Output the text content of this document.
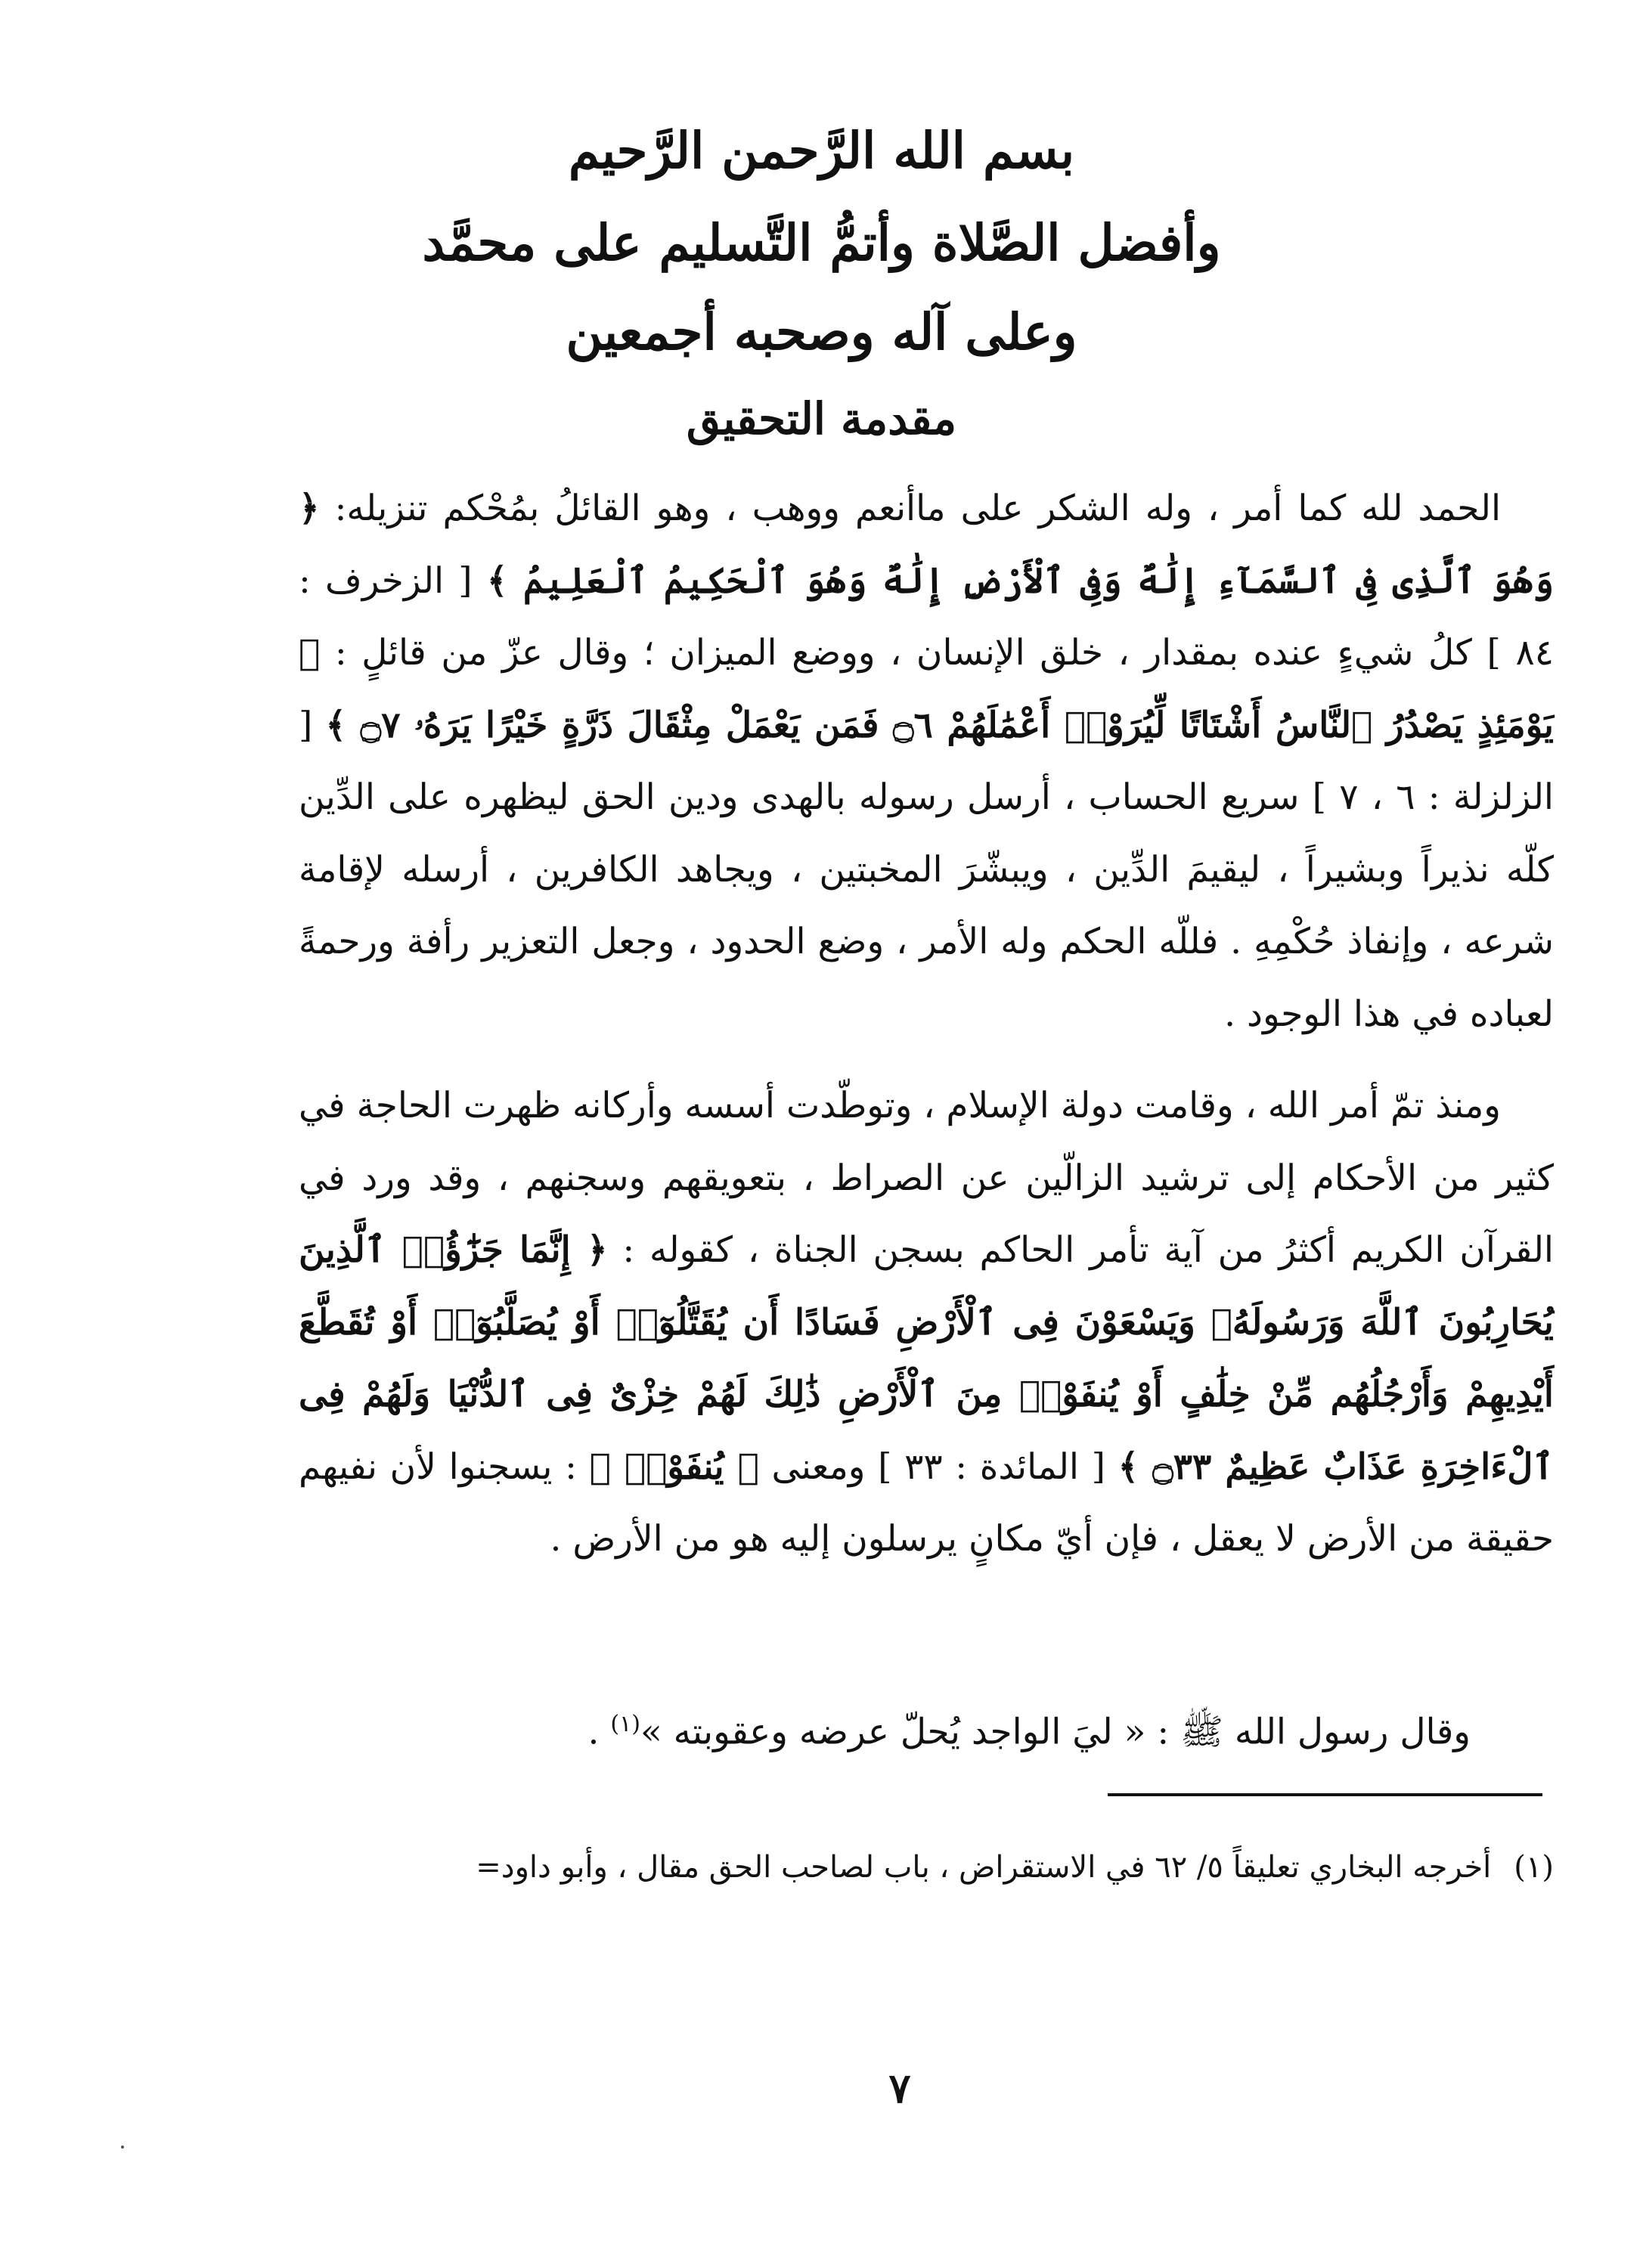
بسم الله الرَّحمن الرَّحيم
وأفضل الصَّلاة وأتمُّ التَّسليم على محمَّد
وعلى آله وصحبه أجمعين
مقدمة التحقيق

الحمد لله كما أمر ، وله الشكر على ماأنعم ووهب ، وهو القائلُ بمُحْكم تنزيله: ﴿ وَهُوَ ٱلَّذِى فِى ٱلسَّمَآءِ إِلَٰهٌ وَفِى ٱلْأَرْضِ إِلَٰهٌ وَهُوَ ٱلْحَكِيمُ ٱلْعَلِيمُ ﴾ [ الزخرف : ٨٤ ] كلُ شيءٍ عنده بمقدار ، خلق الإنسان ، ووضع الميزان ؛ وقال عزّ من قائلٍ : ﴿ يَوْمَئِذٍ يَصْدُرُ ٱلنَّاسُ أَشْتَاتًا لِّيُرَوْا۟ أَعْمَٰلَهُمْ ۝٦ فَمَن يَعْمَلْ مِثْقَالَ ذَرَّةٍ خَيْرًا يَرَهُۥ ۝٧ ﴾ [ الزلزلة : ٦ ، ٧ ] سريع الحساب ، أرسل رسوله بالهدى ودين الحق ليظهره على الدِّين كلّه نذيراً وبشيراً ، ليقيمَ الدِّين ، ويبشّرَ المخبتين ، ويجاهد الكافرين ، أرسله لإقامة شرعه ، وإنفاذ حُكْمِهِ . فللّه الحكم وله الأمر ، وضع الحدود ، وجعل التعزير رأفة ورحمةً لعباده في هذا الوجود .

ومنذ تمّ أمر الله ، وقامت دولة الإسلام ، وتوطّدت أسسه وأركانه ظهرت الحاجة في كثير من الأحكام إلى ترشيد الزالّين عن الصراط ، بتعويقهم وسجنهم ، وقد ورد في القرآن الكريم أكثرُ من آية تأمر الحاكم بسجن الجناة ، كقوله : ﴿ إِنَّمَا جَزَٰٓؤُا۟ ٱلَّذِينَ يُحَارِبُونَ ٱللَّهَ وَرَسُولَهُۥ وَيَسْعَوْنَ فِى ٱلْأَرْضِ فَسَادًا أَن يُقَتَّلُوٓا۟ أَوْ يُصَلَّبُوٓا۟ أَوْ تُقَطَّعَ أَيْدِيهِمْ وَأَرْجُلُهُم مِّنْ خِلَٰفٍ أَوْ يُنفَوْا۟ مِنَ ٱلْأَرْضِ ذَٰلِكَ لَهُمْ خِزْىٌ فِى ٱلدُّنْيَا وَلَهُمْ فِى ٱلْءَاخِرَةِ عَذَابٌ عَظِيمٌ ۝٣٣ ﴾ [ المائدة : ٣٣ ] ومعنى ﴿ يُنفَوْا۟ ﴾ : يسجنوا لأن نفيهم حقيقة من الأرض لا يعقل ، فإن أيّ مكانٍ يرسلون إليه هو من الأرض .

وقال رسول الله ﷺ : « ليَ الواجد يُحلّ عرضه وعقوبته »$^{(١)}$ .
(١)أخرجه البخاري تعليقاً ٥/ ٦٢ في الاستقراض ، باب لصاحب الحق مقال ، وأبو داود=
٧
